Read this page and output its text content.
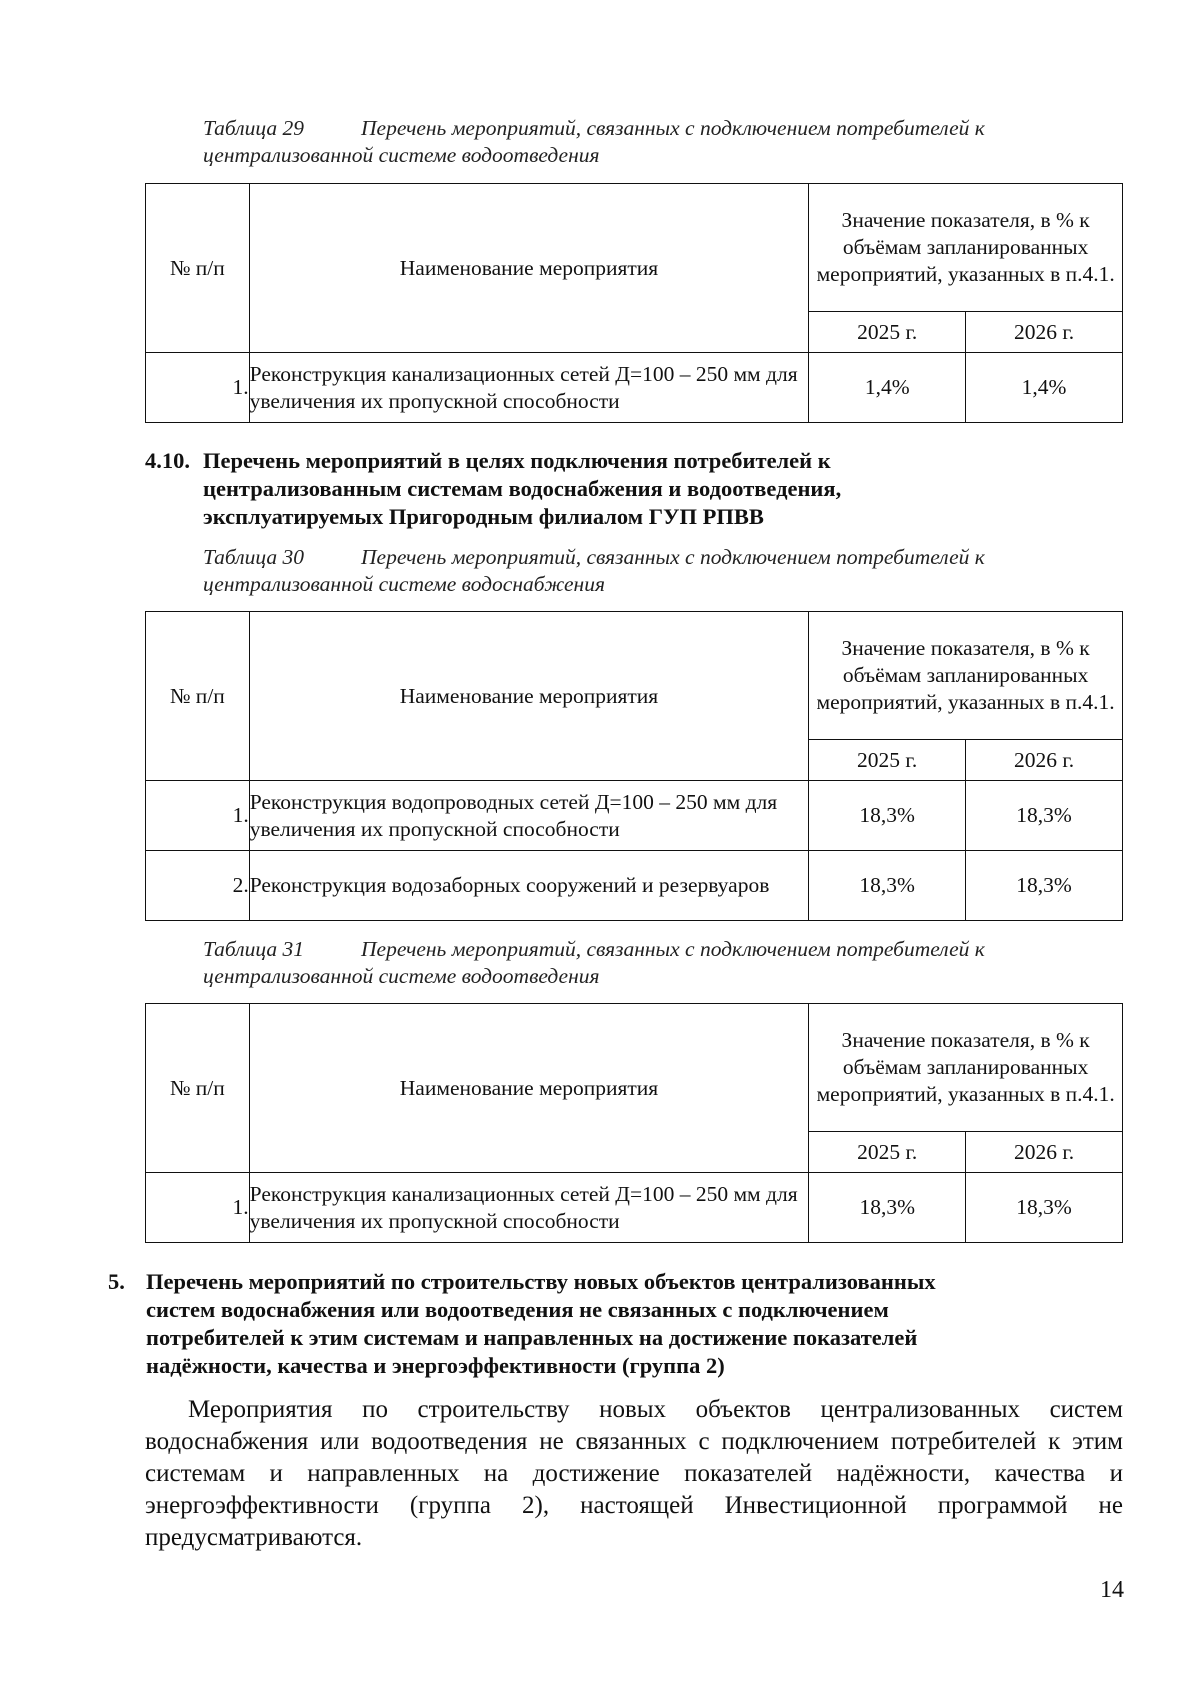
Таблица 29	Перечень мероприятий, связанных с подключением потребителей к
централизованной системе водоотведения
№ п/п	Наименование мероприятия	Значение показателя, в % к объёмам запланированных мероприятий, указанных в п.4.1.	
		2025 г.	2026 г.
1.	Реконструкция канализационных сетей Д=100 – 250 мм для увеличения их пропускной способности	1,4%	1,4%
4.10. Перечень мероприятий в целях подключения потребителей к
централизованным системам водоснабжения и водоотведения,
эксплуатируемых Пригородным филиалом ГУП РПВВ
Таблица 30	Перечень мероприятий, связанных с подключением потребителей к
централизованной системе водоснабжения
№ п/п	Наименование мероприятия	Значение показателя, в % к объёмам запланированных мероприятий, указанных в п.4.1.	
		2025 г.	2026 г.
1.	Реконструкция водопроводных сетей Д=100 – 250 мм для увеличения их пропускной способности	18,3%	18,3%
2.	Реконструкция водозаборных сооружений и резервуаров	18,3%	18,3%
Таблица 31	Перечень мероприятий, связанных с подключением потребителей к
централизованной системе водоотведения
№ п/п	Наименование мероприятия	Значение показателя, в % к объёмам запланированных мероприятий, указанных в п.4.1.	
		2025 г.	2026 г.
1.	Реконструкция канализационных сетей Д=100 – 250 мм для увеличения их пропускной способности	18,3%	18,3%
5. Перечень мероприятий по строительству новых объектов централизованных
систем водоснабжения или водоотведения не связанных с подключением
потребителей к этим системам и направленных на достижение показателей
надёжности, качества и энергоэффективности (группа 2)
Мероприятия по строительству новых объектов централизованных систем водоснабжения или водоотведения не связанных с подключением потребителей к этим системам и направленных на достижение показателей надёжности, качества и энергоэффективности (группа 2), настоящей Инвестиционной программой не предусматриваются.
14
